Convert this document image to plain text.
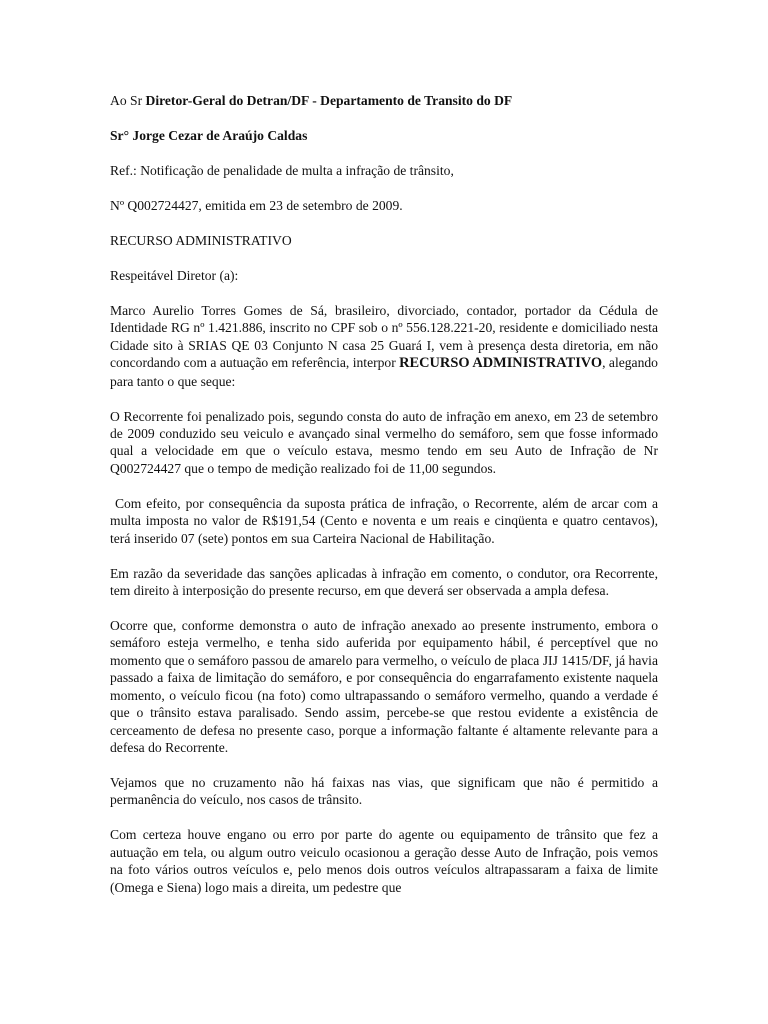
Ao Sr Diretor-Geral do Detran/DF - Departamento de Transito do DF

Sr° Jorge Cezar de Araújo Caldas

Ref.: Notificação de penalidade de multa a infração de trânsito,

Nº Q002724427, emitida em 23 de setembro de 2009.

RECURSO ADMINISTRATIVO

Respeitável Diretor (a):

Marco Aurelio Torres Gomes de Sá, brasileiro, divorciado, contador, portador da Cédula de Identidade RG nº 1.421.886, inscrito no CPF sob o nº 556.128.221-20, residente e domiciliado nesta Cidade sito à SRIAS QE 03 Conjunto N casa 25 Guará I, vem à presença desta diretoria, em não concordando com a autuação em referência, interpor RECURSO ADMINISTRATIVO, alegando para tanto o que seque:

O Recorrente foi penalizado pois, segundo consta do auto de infração em anexo, em 23 de setembro de 2009 conduzido seu veiculo e avançado sinal vermelho do semáforo, sem que fosse informado qual a velocidade em que o veículo estava, mesmo tendo em seu Auto de Infração de Nr Q002724427 que o tempo de medição realizado foi de 11,00 segundos.

Com efeito, por consequência da suposta prática de infração, o Recorrente, além de arcar com a multa imposta no valor de R$191,54 (Cento e noventa e um reais e cinqüenta e quatro centavos), terá inserido 07 (sete) pontos em sua Carteira Nacional de Habilitação.

Em razão da severidade das sanções aplicadas à infração em comento, o condutor, ora Recorrente, tem direito à interposição do presente recurso, em que deverá ser observada a ampla defesa.

Ocorre que, conforme demonstra o auto de infração anexado ao presente instrumento, embora o semáforo esteja vermelho, e tenha sido auferida por equipamento hábil, é perceptível que no momento que o semáforo passou de amarelo para vermelho, o veículo de placa JIJ 1415/DF, já havia passado a faixa de limitação do semáforo, e por consequência do engarrafamento existente naquela momento, o veículo ficou (na foto) como ultrapassando o semáforo vermelho, quando a verdade é que o trânsito estava paralisado. Sendo assim, percebe-se que restou evidente a existência de cerceamento de defesa no presente caso, porque a informação faltante é altamente relevante para a defesa do Recorrente.

Vejamos que no cruzamento não há faixas nas vias, que significam que não é permitido a permanência do veículo, nos casos de trânsito.

Com certeza houve engano ou erro por parte do agente ou equipamento de trânsito que fez a autuação em tela, ou algum outro veiculo ocasionou a geração desse Auto de Infração, pois vemos na foto vários outros veículos e, pelo menos dois outros veículos altrapassaram a faixa de limite (Omega e Siena) logo mais a direita, um pedestre que
